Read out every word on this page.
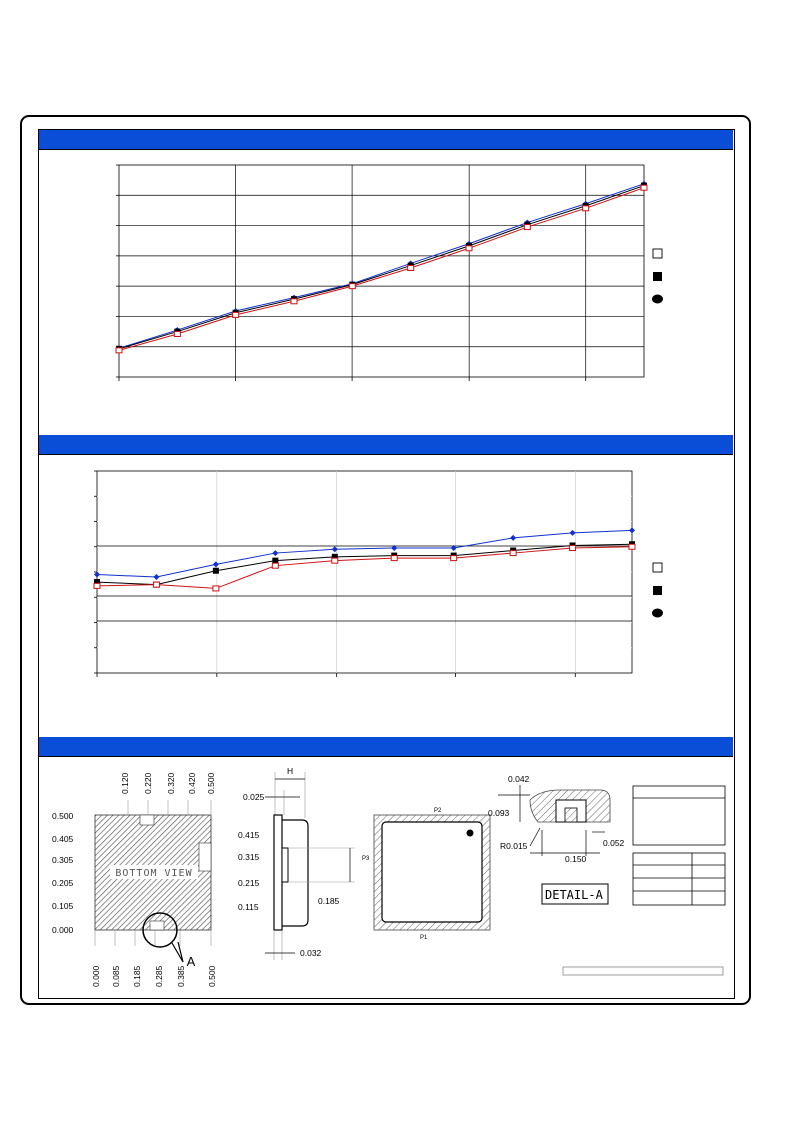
BOTTOM VIEW
A
0.120 0.220 0.320 0.420 0.500
0.500
0.405
0.305
0.205
0.105
0.000
0.415
0.315
0.215
0.115
0.000 0.085 0.185 0.285 0.385 0.500
H
0.025
0.185
0.032
P2
P1
P3
0.042
0.093
R0.015
0.150
0.052
DETAIL-A
